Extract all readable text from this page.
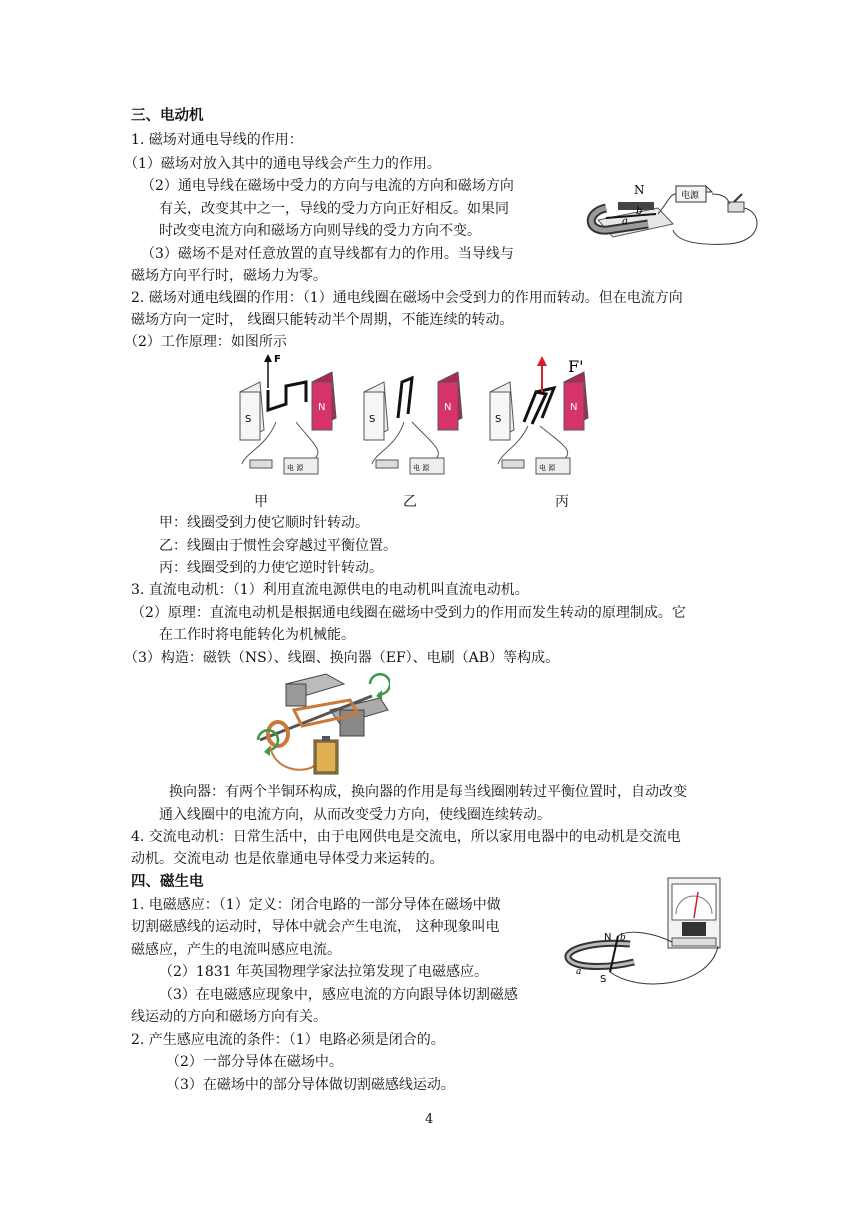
三、电动机
1. 磁场对通电导线的作用：
（1）磁场对放入其中的通电导线会产生力的作用。
（2）通电导线在磁场中受力的方向与电流的方向和磁场方向
有关，改变其中之一，导线的受力方向正好相反。如果同
时改变电流方向和磁场方向则导线的受力方向不变。
（3）磁场不是对任意放置的直导线都有力的作用。当导线与
磁场方向平行时，磁场力为零。
N
b
a
电源
2. 磁场对通电线圈的作用：（1）通电线圈在磁场中会受到力的作用而转动。但在电流方向
磁场方向一定时， 线圈只能转动半个周期，不能连续的转动。
（2）工作原理：如图所示
S
N
F
电 源
S
N
电 源
S
N
F'
电 源
甲	乙	丙
甲：线圈受到力使它顺时针转动。
乙：线圈由于惯性会穿越过平衡位置。
丙：线圈受到的力使它逆时针转动。
3. 直流电动机：（1）利用直流电源供电的电动机叫直流电动机。
（2）原理：直流电动机是根据通电线圈在磁场中受到力的作用而发生转动的原理制成。它
在工作时将电能转化为机械能。
（3）构造：磁铁（NS）、线圈、换向器（EF）、电刷（AB）等构成。
换向器：有两个半铜环构成，换向器的作用是每当线圈刚转过平衡位置时，自动改变
通入线圈中的电流方向，从而改变受力方向，使线圈连续转动。
4. 交流电动机：日常生活中，由于电网供电是交流电，所以家用电器中的电动机是交流电
动机。交流电动 也是依靠通电导体受力来运转的。
四、磁生电
1. 电磁感应：（1）定义：闭合电路的一部分导体在磁场中做
切割磁感线的运动时，导体中就会产生电流， 这种现象叫电
磁感应，产生的电流叫感应电流。
（2）1831 年英国物理学家法拉第发现了电磁感应。
（3）在电磁感应现象中，感应电流的方向跟导体切割磁感
线运动的方向和磁场方向有关。
2. 产生感应电流的条件：（1）电路必须是闭合的。
（2）一部分导体在磁场中。
（3）在磁场中的部分导体做切割磁感线运动。
N
S
b
a
4
